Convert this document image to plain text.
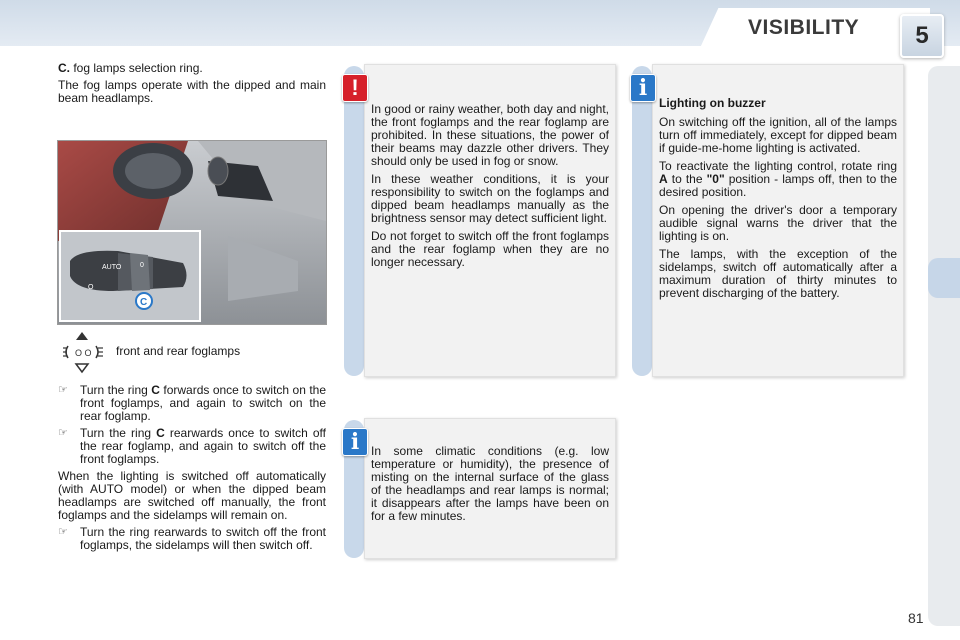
VISIBILITY	5

C. fog lamps selection ring.

The fog lamps operate with the dipped and main beam headlamps.

AUTO	0
O
C
O O front and rear foglamps
☞ Turn the ring C forwards once to switch on the front foglamps, and again to switch on the rear foglamp.
☞ Turn the ring C rearwards once to switch off the rear foglamp, and again to switch off the front foglamps.

When the lighting is switched off automatically (with AUTO model) or when the dipped beam headlamps are switched off manually, the front foglamps and the sidelamps will remain on.

☞ Turn the ring rearwards to switch off the front foglamps, the sidelamps will then switch off.

In good or rainy weather, both day and night, the front foglamps and the rear foglamp are prohibited. In these situations, the power of their beams may dazzle other drivers. They should only be used in fog or snow.

In these weather conditions, it is your responsibility to switch on the foglamps and dipped beam headlamps manually as the brightness sensor may detect sufficient light.

Do not forget to switch off the front foglamps and the rear foglamp when they are no longer necessary.

!

Lighting on buzzer

On switching off the ignition, all of the lamps turn off immediately, except for dipped beam if guide-me-home lighting is activated.

To reactivate the lighting control, rotate ring A to the "0" position - lamps off, then to the desired position.

On opening the driver's door a temporary audible signal warns the driver that the lighting is on.

The lamps, with the exception of the sidelamps, switch off automatically after a maximum duration of thirty minutes to prevent discharging of the battery.

i

In some climatic conditions (e.g. low temperature or humidity), the presence of misting on the internal surface of the glass of the headlamps and rear lamps is normal; it disappears after the lamps have been on for a few minutes.

i
81
